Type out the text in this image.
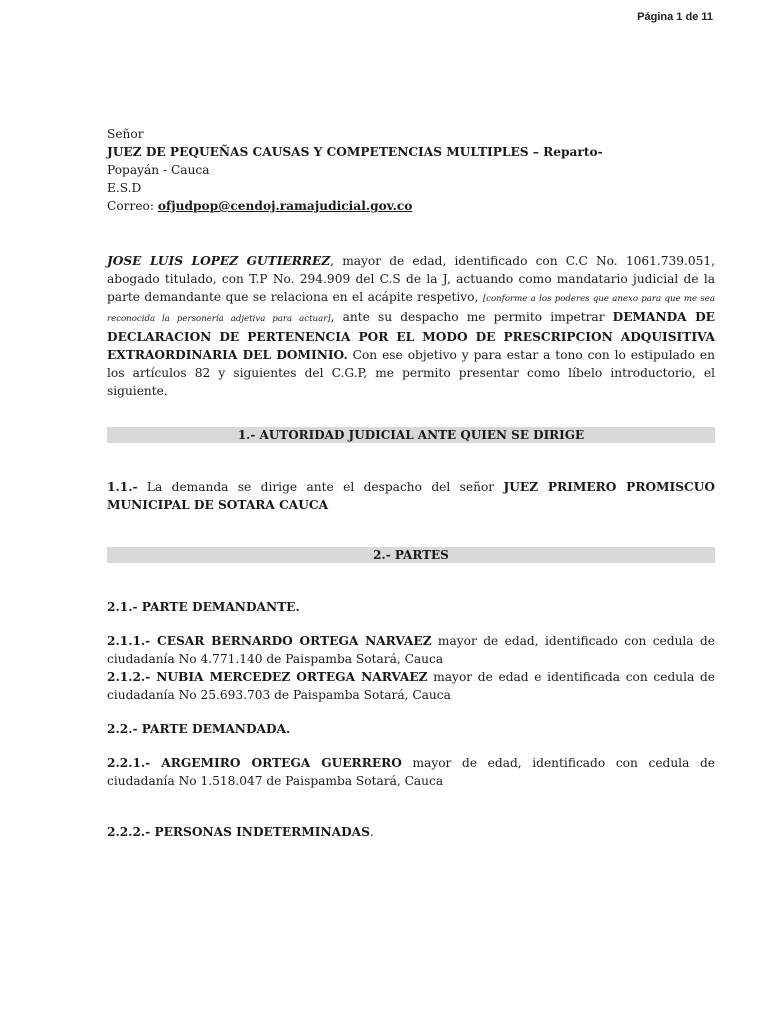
Página 1 de 11
Señor
JUEZ DE PEQUEÑAS CAUSAS Y COMPETENCIAS MULTIPLES – Reparto-
Popayán - Cauca
E.S.D
Correo: ofjudpop@cendoj.ramajudicial.gov.co

JOSE LUIS LOPEZ GUTIERREZ, mayor de edad, identificado con C.C No. 1061.739.051, abogado titulado, con T.P No. 294.909 del C.S de la J, actuando como mandatario judicial de la parte demandante que se relaciona en el acápite respetivo, [conforme a los poderes que anexo para que me sea reconocida la personería adjetiva para actuar], ante su despacho me permito impetrar DEMANDA DE DECLARACION DE PERTENENCIA POR EL MODO DE PRESCRIPCION ADQUISITIVA EXTRAORDINARIA DEL DOMINIO. Con ese objetivo y para estar a tono con lo estipulado en los artículos 82 y siguientes del C.G.P, me permito presentar como líbelo introductorio, el siguiente.

1.- AUTORIDAD JUDICIAL ANTE QUIEN SE DIRIGE

1.1.- La demanda se dirige ante el despacho del señor JUEZ PRIMERO PROMISCUO MUNICIPAL DE SOTARA CAUCA

2.- PARTES

2.1.- PARTE DEMANDANTE.

2.1.1.- CESAR BERNARDO ORTEGA NARVAEZ mayor de edad, identificado con cedula de ciudadanía No 4.771.140 de Paispamba Sotará, Cauca

2.1.2.- NUBIA MERCEDEZ ORTEGA NARVAEZ mayor de edad e identificada con cedula de ciudadanía No 25.693.703 de Paispamba Sotará, Cauca

2.2.- PARTE DEMANDADA.

2.2.1.- ARGEMIRO ORTEGA GUERRERO mayor de edad, identificado con cedula de ciudadanía No 1.518.047 de Paispamba Sotará, Cauca

2.2.2.- PERSONAS INDETERMINADAS.
